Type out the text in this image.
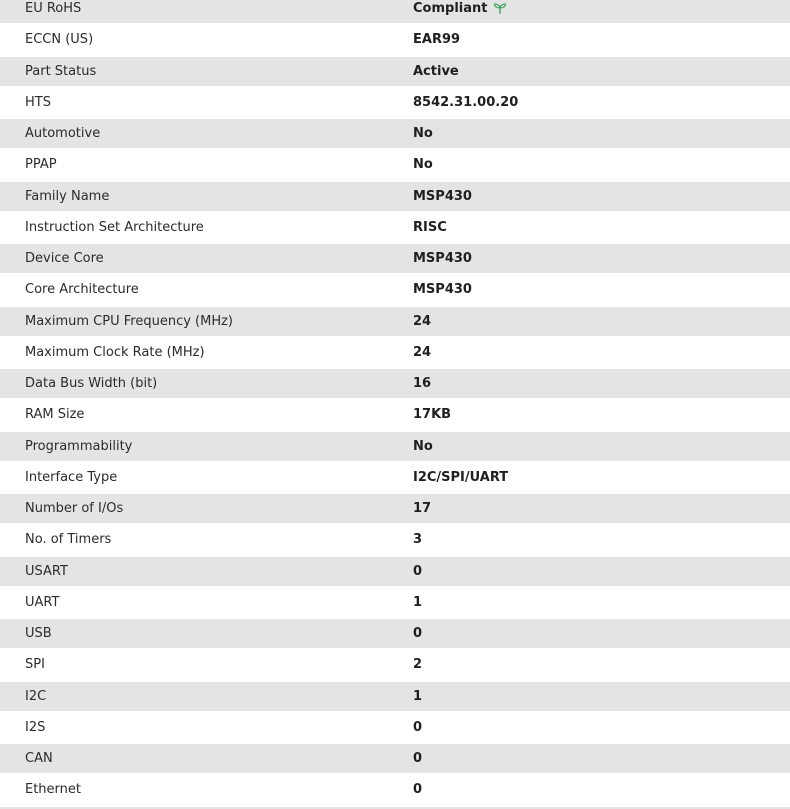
EU RoHS	Compliant
ECCN (US)	EAR99
Part Status	Active
HTS	8542.31.00.20
Automotive	No
PPAP	No
Family Name	MSP430
Instruction Set Architecture	RISC
Device Core	MSP430
Core Architecture	MSP430
Maximum CPU Frequency (MHz)	24
Maximum Clock Rate (MHz)	24
Data Bus Width (bit)	16
RAM Size	17KB
Programmability	No
Interface Type	I2C/SPI/UART
Number of I/Os	17
No. of Timers	3
USART	0
UART	1
USB	0
SPI	2
I2C	1
I2S	0
CAN	0
Ethernet	0
